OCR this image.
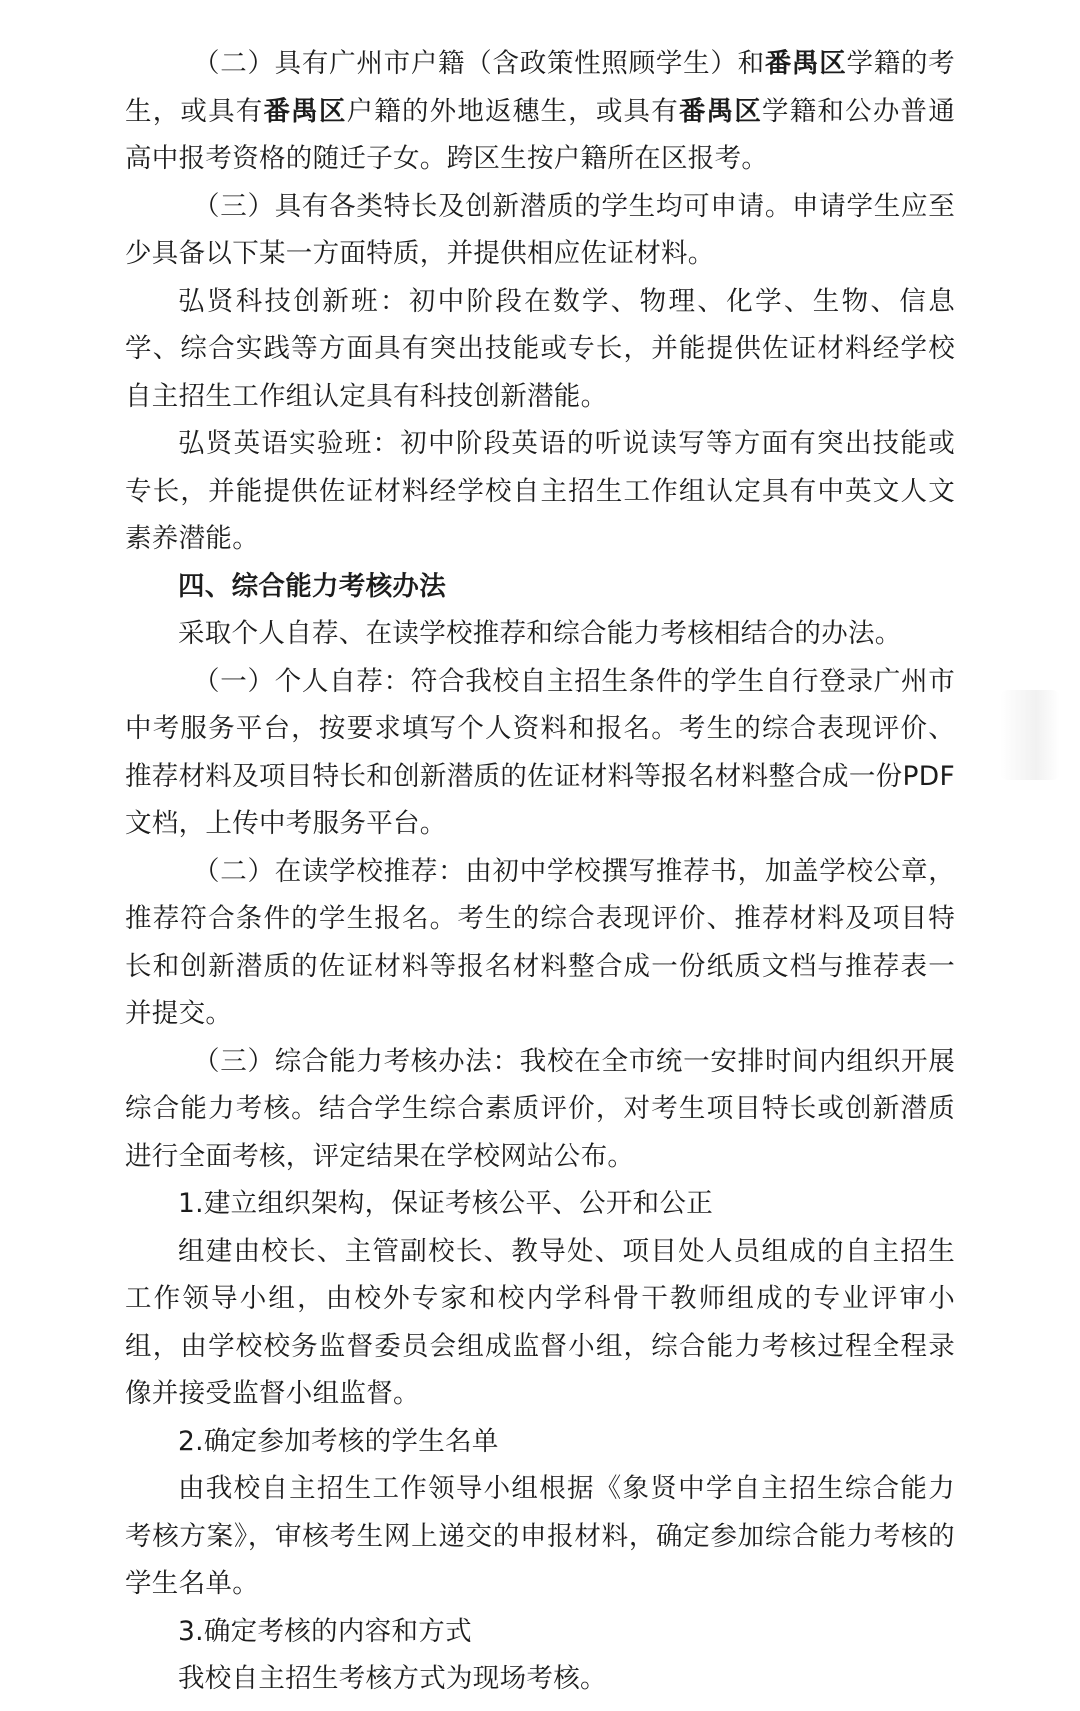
（二）具有广州市户籍（含政策性照顾学生）和番禺区学籍的考生，或具有番禺区户籍的外地返穗生，或具有番禺区学籍和公办普通高中报考资格的随迁子女。跨区生按户籍所在区报考。

（三）具有各类特长及创新潜质的学生均可申请。申请学生应至少具备以下某一方面特质，并提供相应佐证材料。

弘贤科技创新班：初中阶段在数学、物理、化学、生物、信息学、综合实践等方面具有突出技能或专长，并能提供佐证材料经学校自主招生工作组认定具有科技创新潜能。

弘贤英语实验班：初中阶段英语的听说读写等方面有突出技能或专长，并能提供佐证材料经学校自主招生工作组认定具有中英文人文素养潜能。

四、综合能力考核办法

采取个人自荐、在读学校推荐和综合能力考核相结合的办法。

（一）个人自荐：符合我校自主招生条件的学生自行登录广州市中考服务平台，按要求填写个人资料和报名。考生的综合表现评价、推荐材料及项目特长和创新潜质的佐证材料等报名材料整合成一份PDF文档，上传中考服务平台。

（二）在读学校推荐：由初中学校撰写推荐书，加盖学校公章，推荐符合条件的学生报名。考生的综合表现评价、推荐材料及项目特长和创新潜质的佐证材料等报名材料整合成一份纸质文档与推荐表一并提交。

（三）综合能力考核办法：我校在全市统一安排时间内组织开展综合能力考核。结合学生综合素质评价，对考生项目特长或创新潜质进行全面考核，评定结果在学校网站公布。

1.建立组织架构，保证考核公平、公开和公正

组建由校长、主管副校长、教导处、项目处人员组成的自主招生工作领导小组，由校外专家和校内学科骨干教师组成的专业评审小组，由学校校务监督委员会组成监督小组，综合能力考核过程全程录像并接受监督小组监督。

2.确定参加考核的学生名单

由我校自主招生工作领导小组根据《象贤中学自主招生综合能力考核方案》，审核考生网上递交的申报材料，确定参加综合能力考核的学生名单。

3.确定考核的内容和方式

我校自主招生考核方式为现场考核。
